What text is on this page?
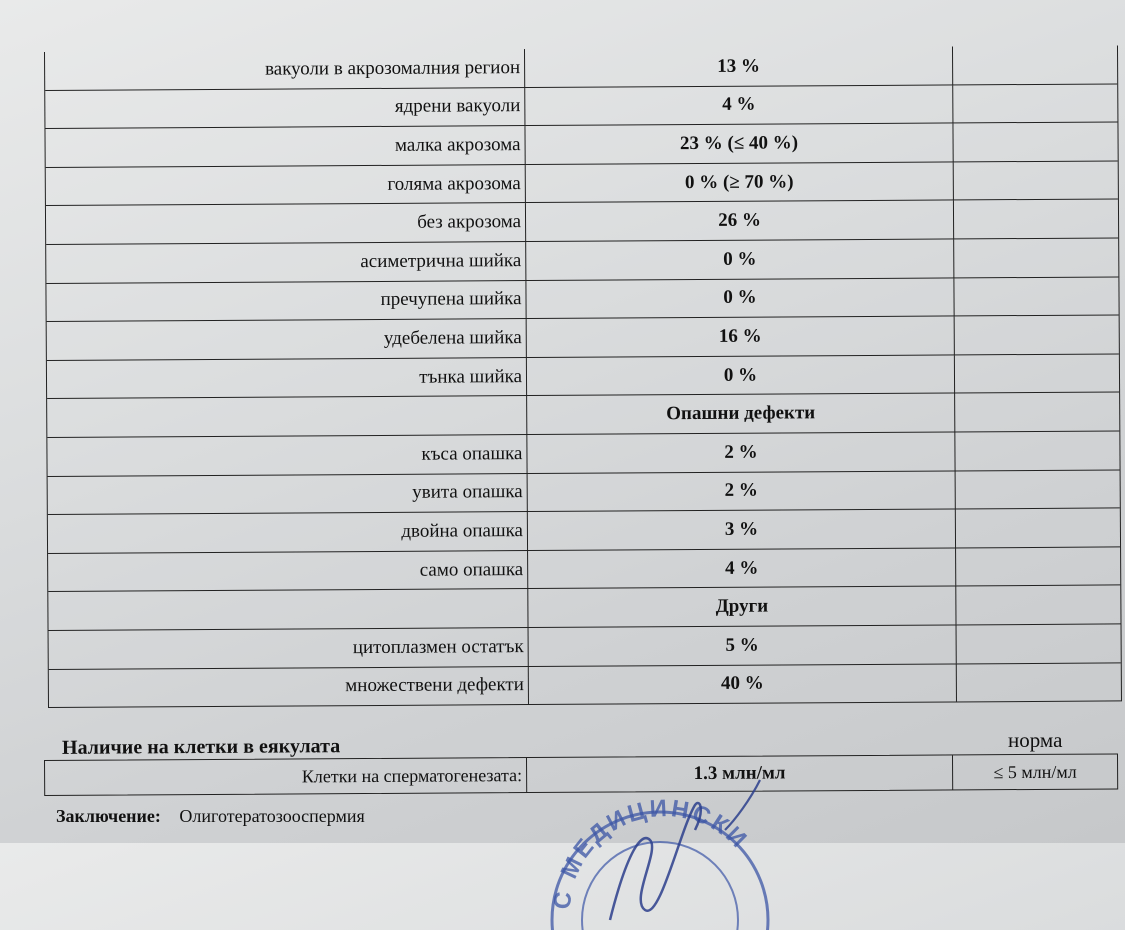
вакуоли в акрозомалния регион	13 %
ядрени вакуоли	4 %
малка акрозома	23 % (≤ 40 %)
голяма акрозома	0 % (≥ 70 %)
без акрозома	26 %
асиметрична шийка	0 %
пречупена шийка	0 %
удебелена шийка	16 %
тънка шийка	0 %
Опашни дефекти
къса опашка	2 %
увита опашка	2 %
двойна опашка	3 %
само опашка	4 %
Други
цитоплазмен остатък	5 %
множествени дефекти	40 %
Наличие на клетки в еякулата	норма
Клетки на сперматогенезата:	1.3 млн/мл	≤ 5 млн/мл
Заключение: Олиготератозооспермия
С МЕДИЦИНСКИ
